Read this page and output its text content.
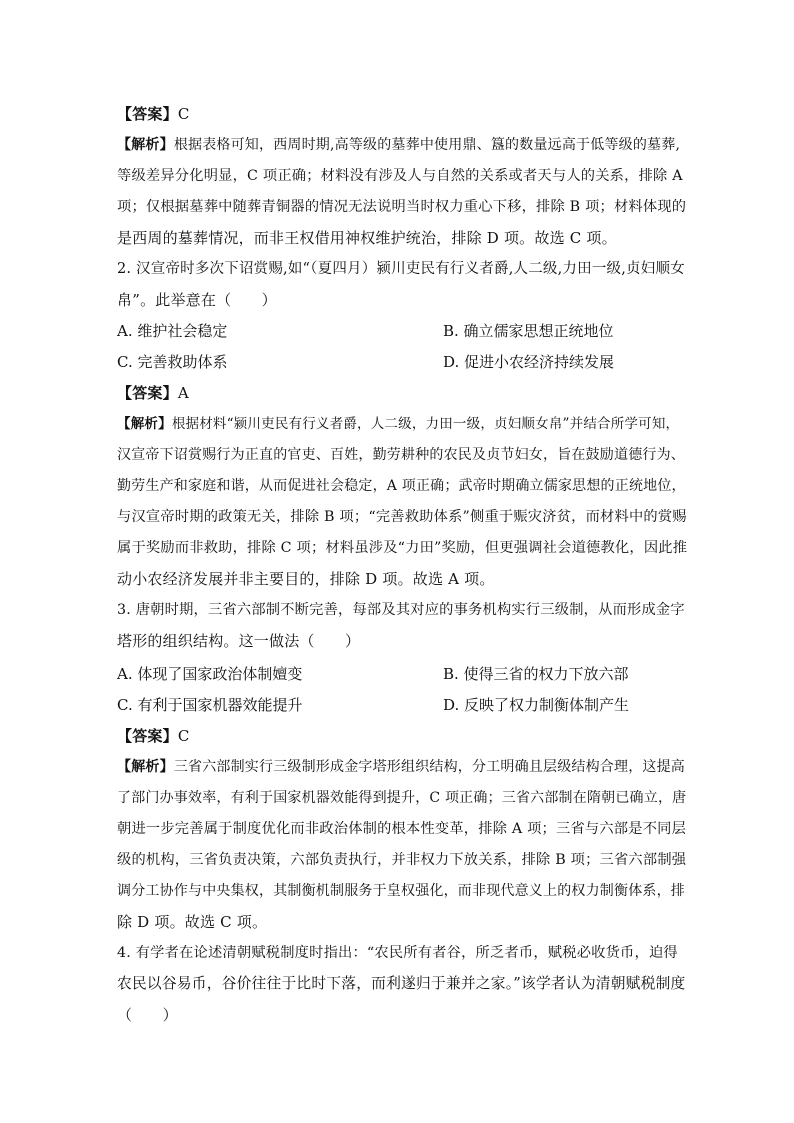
【答案】C
【解析】根据表格可知，西周时期,高等级的墓葬中使用鼎、簋的数量远高于低等级的墓葬,
等级差异分化明显，C 项正确；材料没有涉及人与自然的关系或者天与人的关系，排除 A
项；仅根据墓葬中随葬青铜器的情况无法说明当时权力重心下移，排除 B 项；材料体现的
是西周的墓葬情况，而非王权借用神权维护统治，排除 D 项。故选 C 项。
2. 汉宣帝时多次下诏赏赐,如“（夏四月）颍川吏民有行义者爵,人二级,力田一级,贞妇顺女
帛”。此举意在（　　）
A. 维护社会稳定	B. 确立儒家思想正统地位
C. 完善救助体系	D. 促进小农经济持续发展
【答案】A
【解析】根据材料“颍川吏民有行义者爵，人二级，力田一级，贞妇顺女帛”并结合所学可知，
汉宣帝下诏赏赐行为正直的官吏、百姓，勤劳耕种的农民及贞节妇女，旨在鼓励道德行为、
勤劳生产和家庭和谐，从而促进社会稳定，A 项正确；武帝时期确立儒家思想的正统地位，
与汉宣帝时期的政策无关，排除 B 项；“完善救助体系”侧重于赈灾济贫，而材料中的赏赐
属于奖励而非救助，排除 C 项；材料虽涉及“力田”奖励，但更强调社会道德教化，因此推
动小农经济发展并非主要目的，排除 D 项。故选 A 项。
3. 唐朝时期，三省六部制不断完善，每部及其对应的事务机构实行三级制，从而形成金字
塔形的组织结构。这一做法（　　）
A. 体现了国家政治体制嬗变	B. 使得三省的权力下放六部
C. 有利于国家机器效能提升	D. 反映了权力制衡体制产生
【答案】C
【解析】三省六部制实行三级制形成金字塔形组织结构，分工明确且层级结构合理，这提高
了部门办事效率，有利于国家机器效能得到提升，C 项正确；三省六部制在隋朝已确立，唐
朝进一步完善属于制度优化而非政治体制的根本性变革，排除 A 项；三省与六部是不同层
级的机构，三省负责决策，六部负责执行，并非权力下放关系，排除 B 项；三省六部制强
调分工协作与中央集权，其制衡机制服务于皇权强化，而非现代意义上的权力制衡体系，排
除 D 项。故选 C 项。
4. 有学者在论述清朝赋税制度时指出：“农民所有者谷，所乏者币，赋税必收货币，迫得
农民以谷易币，谷价往往于比时下落，而利遂归于兼并之家。”该学者认为清朝赋税制度
（　　）
